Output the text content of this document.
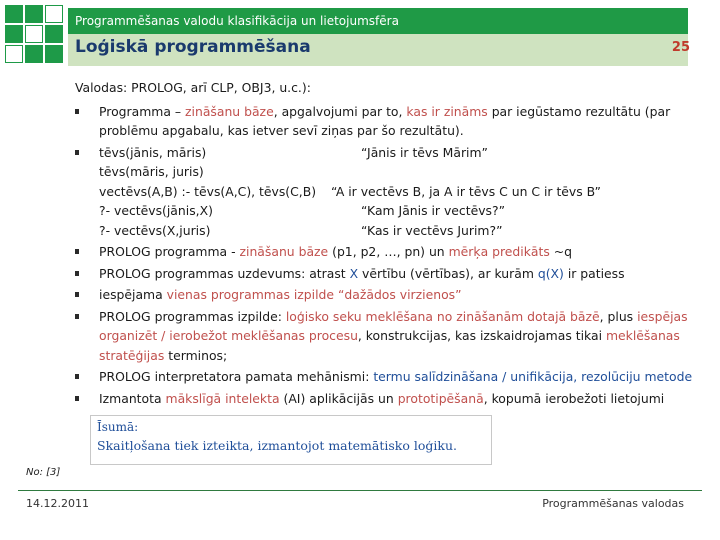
Programmēšanas valodu klasifikācija un lietojumsfēra
Loģiskā programmēšana	25
Valodas: PROLOG, arī CLP, OBJ3, u.c.):
Programma – zināšanu bāze, apgalvojumi par to, kas ir zināms par iegūstamo rezultātu (par problēmu apgabalu, kas ietver sevī ziņas par šo rezultātu).
tēvs(jānis, māris)	“Jānis ir tēvs Mārim”
tēvs(māris, juris)
vectēvs(A,B) :- tēvs(A,C), tēvs(C,B)	“A ir vectēvs B, ja A ir tēvs C un C ir tēvs B”
?- vectēvs(jānis,X)	“Kam Jānis ir vectēvs?”
?- vectēvs(X,juris)	“Kas ir vectēvs Jurim?”
PROLOG programma - zināšanu bāze (p1, p2, …, pn) un mērķa predikāts ~q
PROLOG programmas uzdevums: atrast X vērtību (vērtības), ar kurām q(X) ir patiess
iespējama vienas programmas izpilde “dažādos virzienos”
PROLOG programmas izpilde: loģisko seku meklēšana no zināšanām dotajā bāzē, plus iespējas organizēt / ierobežot meklēšanas procesu, konstrukcijas, kas izskaidrojamas tikai meklēšanas stratēģijas terminos;
PROLOG interpretatora pamata mehānismi: termu salīdzināšana / unifikācija, rezolūciju metode
Izmantota mākslīgā intelekta (AI) aplikācijās un prototipēšanā, kopumā ierobežoti lietojumi
Īsumā:
Skaitļošana tiek izteikta, izmantojot matemātisko loģiku.
No: [3]
14.12.2011	Programmēšanas valodas
